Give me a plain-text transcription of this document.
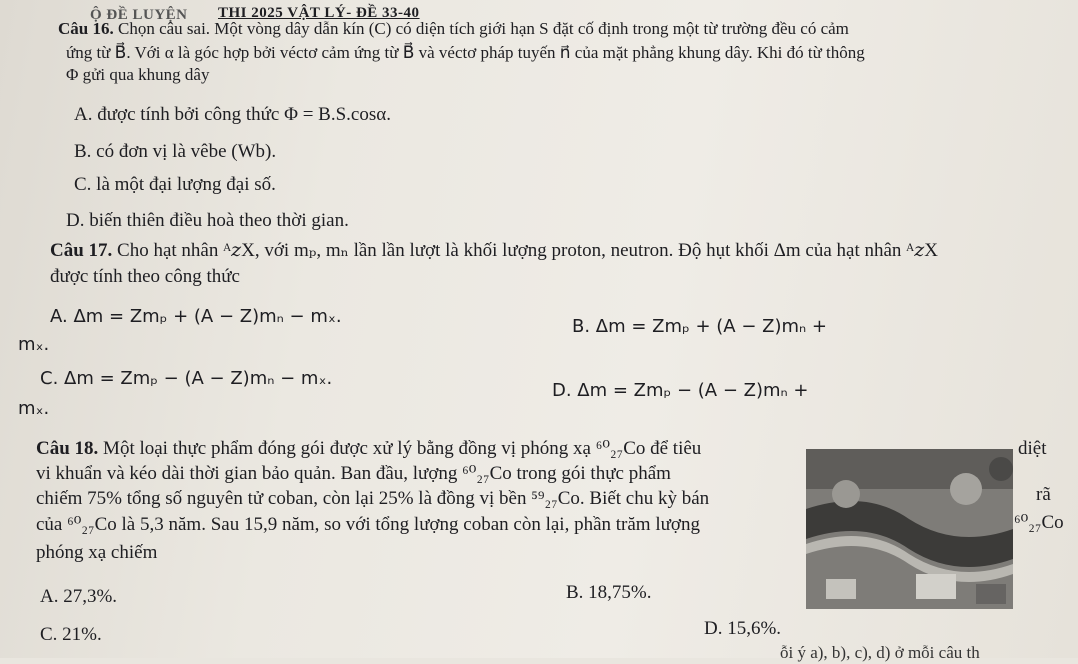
Ộ ĐỀ LUYỆN THI 2025 VẬT LÝ- ĐỀ 33-40
Câu 16. Chọn câu sai. Một vòng dây dẫn kín (C) có diện tích giới hạn S đặt cố định trong một từ trường đều có cảm
ứng từ B⃗. Với α là góc hợp bởi véctơ cảm ứng từ B⃗ và véctơ pháp tuyến n⃗ của mặt phẳng khung dây. Khi đó từ thông
Φ gửi qua khung dây
A. được tính bởi công thức Φ = B.S.cosα.
B. có đơn vị là vêbe (Wb).
C. là một đại lượng đại số.
D. biến thiên điều hoà theo thời gian.
Câu 17. Cho hạt nhân ᴬ𝑧X, với mₚ, mₙ lần lần lượt là khối lượng proton, neutron. Độ hụt khối Δm của hạt nhân ᴬ𝑧X
được tính theo công thức
A. Δm = Zmₚ + (A − Z)mₙ − mₓ.
mₓ.
B. Δm = Zmₚ + (A − Z)mₙ +
C. Δm = Zmₚ − (A − Z)mₙ − mₓ.
mₓ.
D. Δm = Zmₚ − (A − Z)mₙ +
Câu 18. Một loại thực phẩm đóng gói được xử lý bằng đồng vị phóng xạ ⁶⁰₂₇Co để tiêu	diệt
vi khuẩn và kéo dài thời gian bảo quản. Ban đầu, lượng ⁶⁰₂₇Co trong gói thực phẩm
chiếm 75% tổng số nguyên tử coban, còn lại 25% là đồng vị bền ⁵⁹₂₇Co. Biết chu kỳ bán	rã
của ⁶⁰₂₇Co là 5,3 năm. Sau 15,9 năm, so với tổng lượng coban còn lại, phần trăm lượng	⁶⁰₂₇Co
phóng xạ chiếm
A. 27,3%.	B. 18,75%.
C. 21%.	D. 15,6%.
ỗi ý a), b), c), d) ở mỗi câu th
